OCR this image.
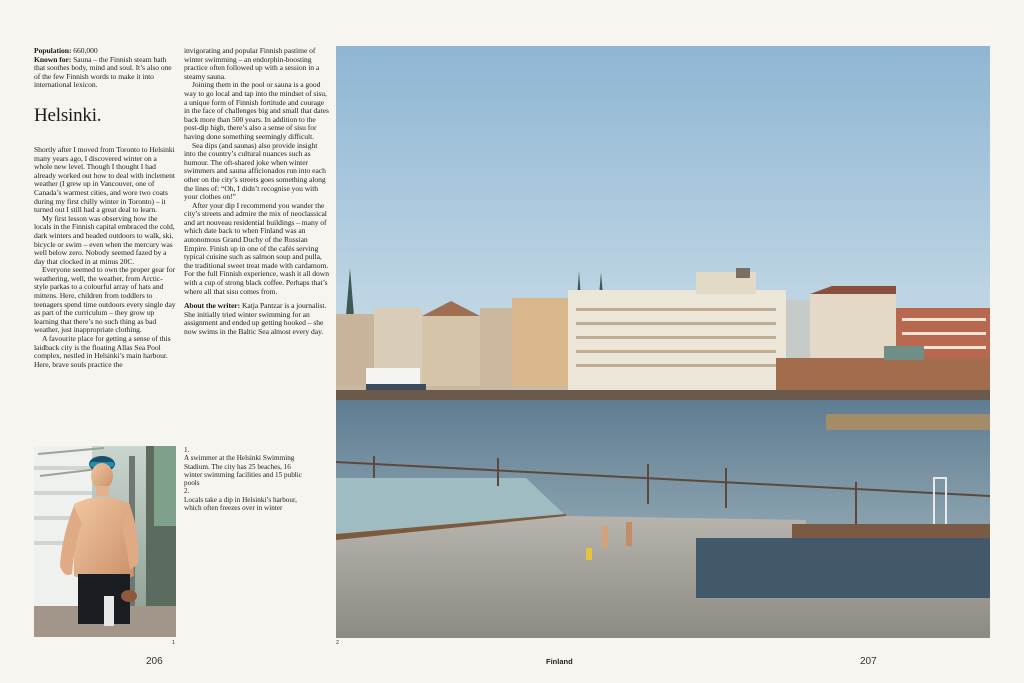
Population: 660,000
Known for: Sauna – the Finnish steam bath that soothes body, mind and soul. It’s also one of the few Finnish words to make it into international lexicon.
Helsinki.

Shortly after I moved from Toronto to Helsinki many years ago, I discovered winter on a whole new level. Though I thought I had already worked out how to deal with inclement weather (I grew up in Vancouver, one of Canada’s warmest cities, and wore two coats during my first chilly winter in Toronto) – it turned out I still had a great deal to learn.

My first lesson was observing how the locals in the Finnish capital embraced the cold, dark winters and headed outdoors to walk, ski, bicycle or swim – even when the mercury was well below zero. Nobody seemed fazed by a day that clocked in at minus 20C.

Everyone seemed to own the proper gear for weathering, well, the weather, from Arctic-style parkas to a colourful array of hats and mittens. Here, children from toddlers to teenagers spend time outdoors every single day as part of the curriculum – they grow up learning that there’s no such thing as bad weather, just inappropriate clothing.

A favourite place for getting a sense of this laidback city is the floating Allas Sea Pool complex, nestled in Helsinki’s main harbour. Here, brave souls practice the

invigorating and popular Finnish pastime of winter swimming – an endorphin-boosting practice often followed up with a session in a steamy sauna.

Joining them in the pool or sauna is a good way to go local and tap into the mindset of sisu, a unique form of Finnish fortitude and courage in the face of challenges big and small that dates back more than 500 years. In addition to the post-dip high, there’s also a sense of sisu for having done something seemingly difficult.

Sea dips (and saunas) also provide insight into the country’s cultural nuances such as humour. The oft-shared joke when winter swimmers and sauna afficionados run into each other on the city’s streets goes something along the lines of: “Oh, I didn’t recognise you with your clothes on!”

After your dip I recommend you wander the city’s streets and admire the mix of neoclassical and art nouveau residential buildings – many of which date back to when Finland was an autonomous Grand Duchy of the Russian Empire. Finish up in one of the cafés serving typical cuisine such as salmon soup and pulla, the traditional sweet treat made with cardamom. For the full Finnish experience, wash it all down with a cup of strong black coffee. Perhaps that’s where all that sisu comes from.

About the writer: Katja Pantzar is a journalist. She initially tried winter swimming for an assignment and ended up getting hooked – she now swims in the Baltic Sea almost every day.

1
1.
A swimmer at the Helsinki Swimming Stadium. The city has 25 beaches, 16 winter swimming facilities and 15 public pools
2.
Locals take a dip in Helsinki’s harbour, which often freezes over in winter
2
206	Finland	207
